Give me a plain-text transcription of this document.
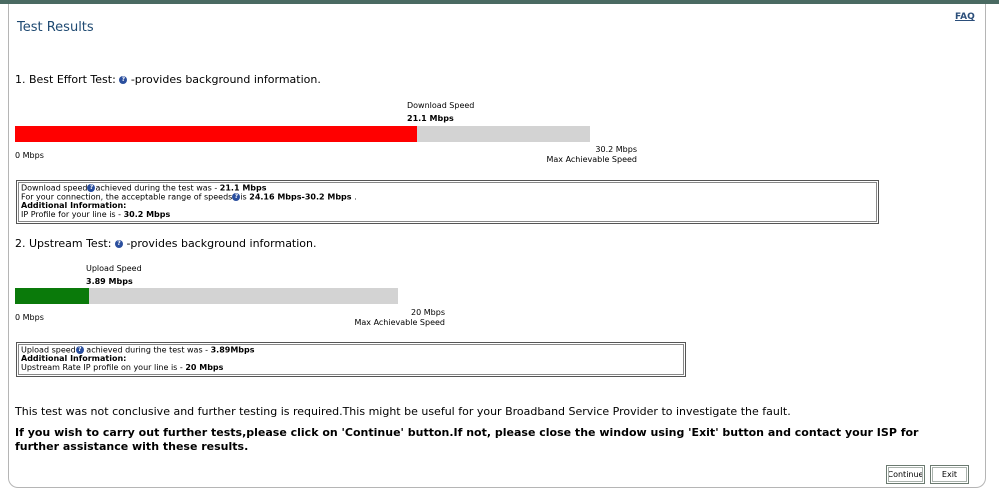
FAQ
Test Results
1. Best Effort Test: ? -provides background information.
Download Speed
21.1 Mbps
0 Mbps
30.2 Mbps
Max Achievable Speed
Download speed ? achieved during the test was - 21.1 Mbps
For your connection, the acceptable range of speeds ? is 24.16 Mbps-30.2 Mbps .
Additional Information:
IP Profile for your line is - 30.2 Mbps
2. Upstream Test: ? -provides background information.
Upload Speed
3.89 Mbps
0 Mbps
20 Mbps
Max Achievable Speed
Upload speed ? achieved during the test was - 3.89Mbps
Additional Information:
Upstream Rate IP profile on your line is - 20 Mbps
This test was not conclusive and further testing is required.This might be useful for your Broadband Service Provider to investigate the fault.
If you wish to carry out further tests,please click on 'Continue' button.If not, please close the window using 'Exit' button and contact your ISP for further assistance with these results.
Continue	Exit
